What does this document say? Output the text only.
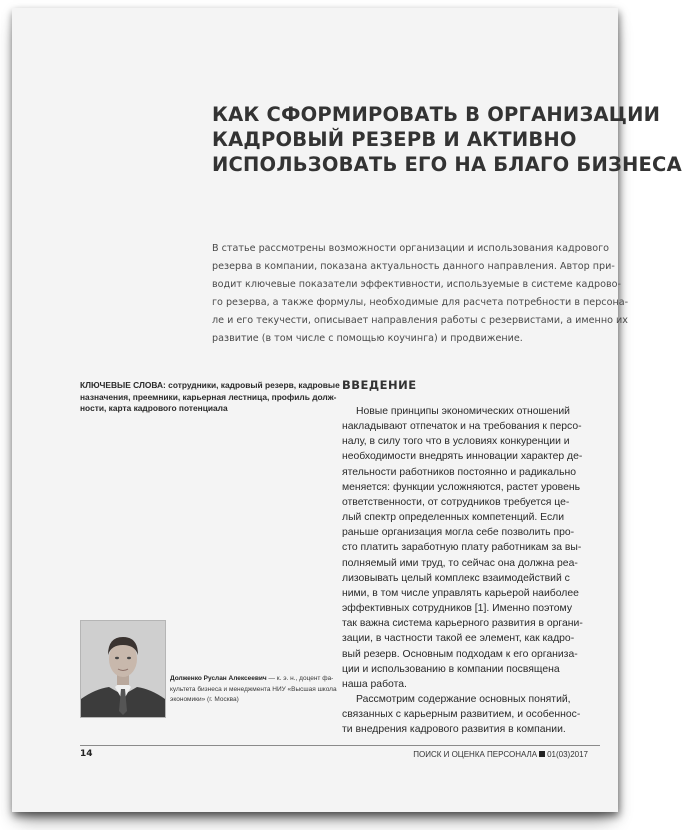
КАК СФОРМИРОВАТЬ В ОРГАНИЗАЦИИ
КАДРОВЫЙ РЕЗЕРВ И АКТИВНО
ИСПОЛЬЗОВАТЬ ЕГО НА БЛАГО БИЗНЕСА
В статье рассмотрены возможности организации и использования кадрового
резерва в компании, показана актуальность данного направления. Автор при-
водит ключевые показатели эффективности, используемые в системе кадрово-
го резерва, а также формулы, необходимые для расчета потребности в персона-
ле и его текучести, описывает направления работы с резервистами, а именно их
развитие (в том числе с помощью коучинга) и продвижение.
КЛЮЧЕВЫЕ СЛОВА: сотрудники, кадровый резерв, кадровые
назначения, преемники, карьерная лестница, профиль долж-
ности, карта кадрового потенциала
ВВЕДЕНИЕ
Новые принципы экономических отношений
накладывают отпечаток и на требования к персо-
налу, в силу того что в условиях конкуренции и
необходимости внедрять инновации характер де-
ятельности работников постоянно и радикально
меняется: функции усложняются, растет уровень
ответственности, от сотрудников требуется це-
лый спектр определенных компетенций. Если
раньше организация могла себе позволить про-
сто платить заработную плату работникам за вы-
полняемый ими труд, то сейчас она должна реа-
лизовывать целый комплекс взаимодействий с
ними, в том числе управлять карьерой наиболее
эффективных сотрудников [1]. Именно поэтому
так важна система карьерного развития в органи-
зации, в частности такой ее элемент, как кадро-
вый резерв. Основным подходам к его организа-
ции и использованию в компании посвящена
наша работа.
Рассмотрим содержание основных понятий,
связанных с карьерным развитием, и особеннос-
ти внедрения кадрового развития в компании.
Долженко Руслан Алексеевич — к. э. н., доцент фа-
культета бизнеса и менеджмента НИУ «Высшая школа
экономики» (г. Москва)
14	ПОИСК И ОЦЕНКА ПЕРСОНАЛА 01(03)2017
